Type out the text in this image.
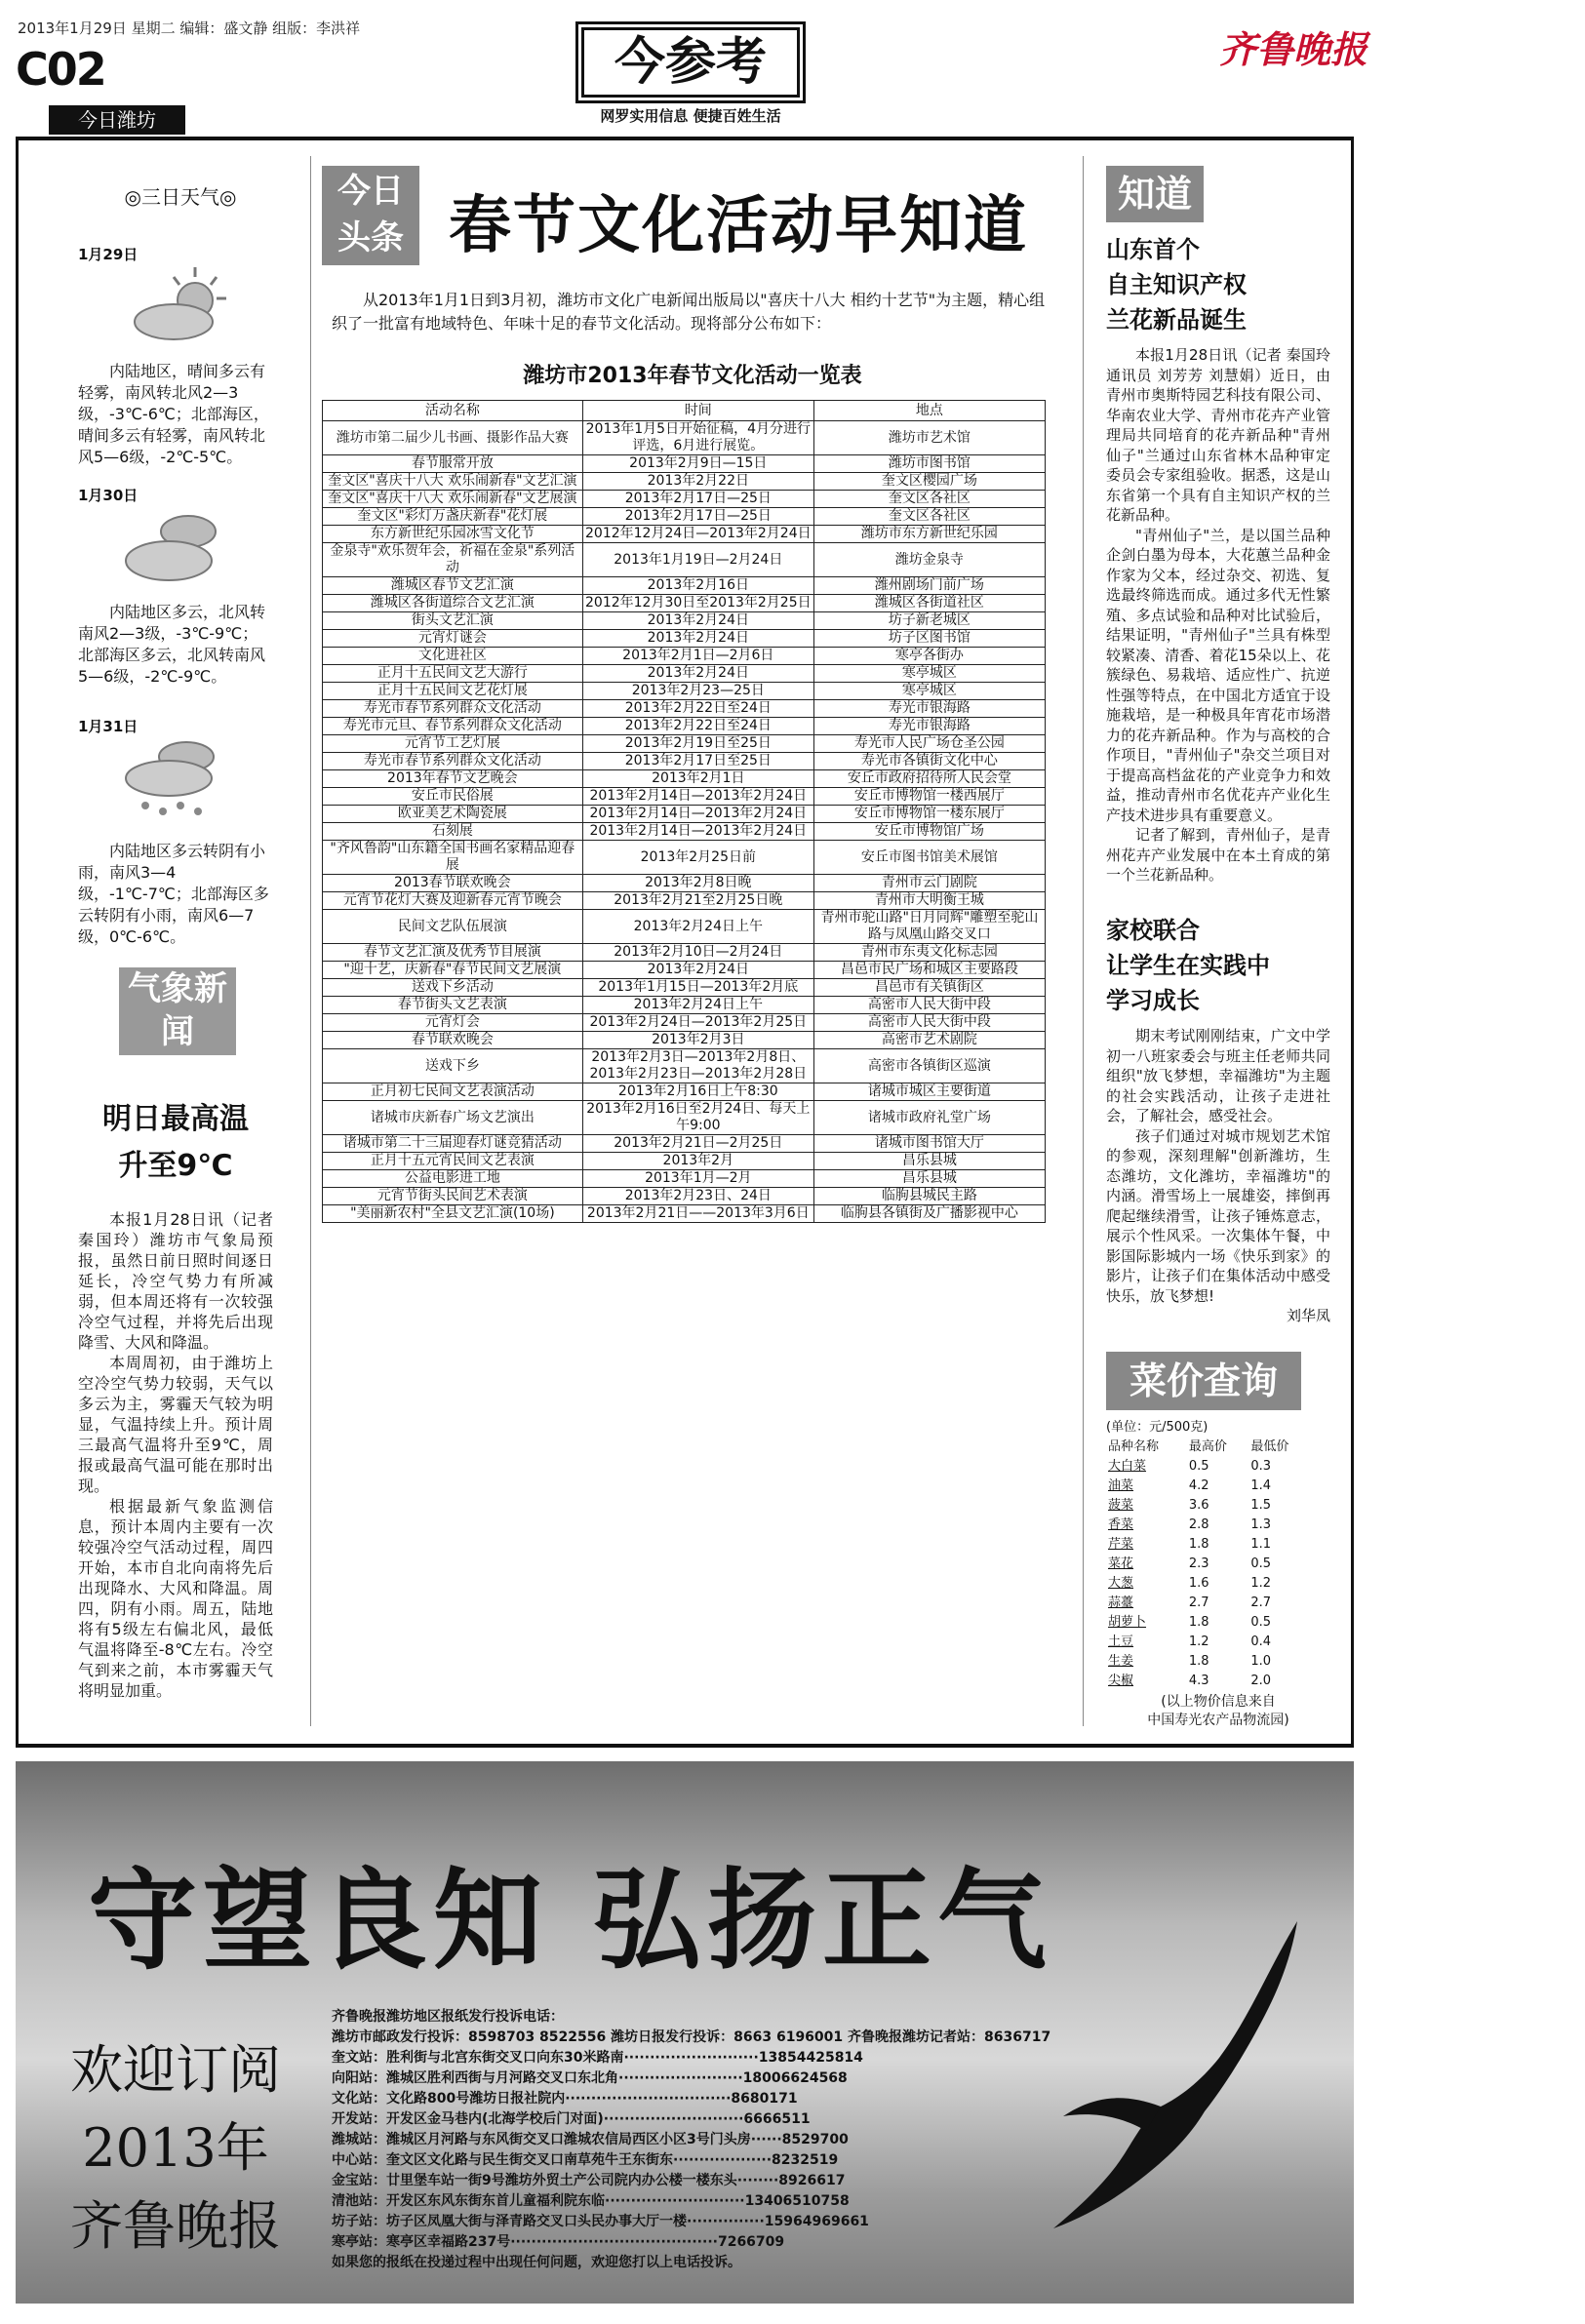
2013年1月29日 星期二 编辑：盛文静 组版：李洪祥
C02
今日潍坊
今参考
网罗实用信息 便捷百姓生活
齐鲁晚报
◎三日天气◎
1月29日
内陆地区，晴间多云有轻雾，南风转北风2—3级，-3℃-6℃；北部海区，晴间多云有轻雾，南风转北风5—6级，-2℃-5℃。
1月30日
内陆地区多云，北风转南风2—3级，-3℃-9℃；北部海区多云，北风转南风5—6级，-2℃-9℃。
1月31日
内陆地区多云转阴有小雨，南风3—4级，-1℃-7℃；北部海区多云转阴有小雨，南风6—7级，0℃-6℃。
气象新闻
明日最高温
升至9℃

本报1月28日讯（记者 秦国玲）潍坊市气象局预报，虽然日前日照时间逐日延长，冷空气势力有所减弱，但本周还将有一次较强冷空气过程，并将先后出现降雪、大风和降温。

本周周初，由于潍坊上空冷空气势力较弱，天气以多云为主，雾霾天气较为明显，气温持续上升。预计周三最高气温将升至9℃，周报或最高气温可能在那时出现。

根据最新气象监测信息，预计本周内主要有一次较强冷空气活动过程，周四开始，本市自北向南将先后出现降水、大风和降温。周四，阴有小雨。周五，陆地将有5级左右偏北风，最低气温将降至-8℃左右。冷空气到来之前，本市雾霾天气将明显加重。

今日头条 春节文化活动早知道
从2013年1月1日到3月初，潍坊市文化广电新闻出版局以"喜庆十八大 相约十艺节"为主题，精心组织了一批富有地域特色、年味十足的春节文化活动。现将部分公布如下：
潍坊市2013年春节文化活动一览表
活动名称	时间	地点
潍坊市第二届少儿书画、摄影作品大赛	2013年1月5日开始征稿，4月分进行评选，6月进行展览。	潍坊市艺术馆
春节服常开放	2013年2月9日—15日	潍坊市图书馆
奎文区"喜庆十八大 欢乐闹新春"文艺汇演	2013年2月22日	奎文区樱园广场
奎文区"喜庆十八大 欢乐闹新春"文艺展演	2013年2月17日—25日	奎文区各社区
奎文区"彩灯万盏庆新春"花灯展	2013年2月17日—25日	奎文区各社区
东方新世纪乐园冰雪文化节	2012年12月24日—2013年2月24日	潍坊市东方新世纪乐园
金泉寺"欢乐贺年会，祈福在金泉"系列活动	2013年1月19日—2月24日	潍坊金泉寺
潍城区春节文艺汇演	2013年2月16日	潍州剧场门前广场
潍城区各街道综合文艺汇演	2012年12月30日至2013年2月25日	潍城区各街道社区
街头文艺汇演	2013年2月24日	坊子新老城区
元宵灯谜会	2013年2月24日	坊子区图书馆
文化进社区	2013年2月1日—2月6日	寒亭各街办
正月十五民间文艺大游行	2013年2月24日	寒亭城区
正月十五民间文艺花灯展	2013年2月23—25日	寒亭城区
寿光市春节系列群众文化活动	2013年2月22日至24日	寿光市银海路
寿光市元旦、春节系列群众文化活动	2013年2月22日至24日	寿光市银海路
元宵节工艺灯展	2013年2月19日至25日	寿光市人民广场仓圣公园
寿光市春节系列群众文化活动	2013年2月17日至25日	寿光市各镇街文化中心
2013年春节文艺晚会	2013年2月1日	安丘市政府招待所人民会堂
安丘市民俗展	2013年2月14日—2013年2月24日	安丘市博物馆一楼西展厅
欧亚美艺术陶瓷展	2013年2月14日—2013年2月24日	安丘市博物馆一楼东展厅
石刻展	2013年2月14日—2013年2月24日	安丘市博物馆广场
"齐风鲁韵"山东籍全国书画名家精品迎春展	2013年2月25日前	安丘市图书馆美术展馆
2013春节联欢晚会	2013年2月8日晚	青州市云门剧院
元宵节花灯大赛及迎新春元宵节晚会	2013年2月21至2月25日晚	青州市大明衡王城
民间文艺队伍展演	2013年2月24日上午	青州市驼山路"日月同辉"雕塑至驼山路与凤凰山路交叉口
春节文艺汇演及优秀节目展演	2013年2月10日—2月24日	青州市东夷文化标志园
"迎十艺，庆新春"春节民间文艺展演	2013年2月24日	昌邑市民广场和城区主要路段
送戏下乡活动	2013年1月15日—2013年2月底	昌邑市有关镇街区
春节街头文艺表演	2013年2月24日上午	高密市人民大街中段
元宵灯会	2013年2月24日—2013年2月25日	高密市人民大街中段
春节联欢晚会	2013年2月3日	高密市艺术剧院
送戏下乡	2013年2月3日—2013年2月8日、2013年2月23日—2013年2月28日	高密市各镇街区巡演
正月初七民间文艺表演活动	2013年2月16日上午8:30	诸城市城区主要街道
诸城市庆新春广场文艺演出	2013年2月16日至2月24日、每天上午9:00	诸城市政府礼堂广场
诸城市第二十三届迎春灯谜竞猜活动	2013年2月21日—2月25日	诸城市图书馆大厅
正月十五元宵民间文艺表演	2013年2月	昌乐县城
公益电影进工地	2013年1月—2月	昌乐县城
元宵节街头民间艺术表演	2013年2月23日、24日	临朐县城民主路
"美丽新农村"全县文艺汇演(10场)	2013年2月21日——2013年3月6日	临朐县各镇街及广播影视中心
知道
山东首个
自主知识产权
兰花新品诞生

本报1月28日讯（记者 秦国玲 通讯员 刘芳芳 刘慧娟）近日，由青州市奥斯特园艺科技有限公司、华南农业大学、青州市花卉产业管理局共同培育的花卉新品种"青州仙子"兰通过山东省林木品种审定委员会专家组验收。据悉，这是山东省第一个具有自主知识产权的兰花新品种。

"青州仙子"兰，是以国兰品种企剑白墨为母本，大花蕙兰品种金作家为父本，经过杂交、初选、复选最终筛选而成。通过多代无性繁殖、多点试验和品种对比试验后，结果证明，"青州仙子"兰具有株型较紧凑、清香、着花15朵以上、花簇绿色、易栽培、适应性广、抗逆性强等特点，在中国北方适宜于设施栽培，是一种极具年宵花市场潜力的花卉新品种。作为与高校的合作项目，"青州仙子"杂交兰项目对于提高高档盆花的产业竞争力和效益，推动青州市名优花卉产业化生产技术进步具有重要意义。

记者了解到，青州仙子，是青州花卉产业发展中在本土育成的第一个兰花新品种。

家校联合
让学生在实践中
学习成长

期末考试刚刚结束，广文中学初一八班家委会与班主任老师共同组织"放飞梦想，幸福潍坊"为主题的社会实践活动，让孩子走进社会，了解社会，感受社会。

孩子们通过对城市规划艺术馆的参观，深刻理解"创新潍坊，生态潍坊，文化潍坊，幸福潍坊"的内涵。滑雪场上一展雄姿，摔倒再爬起继续滑雪，让孩子锤炼意志，展示个性风采。一次集体午餐，中影国际影城内一场《快乐到家》的影片，让孩子们在集体活动中感受快乐，放飞梦想!

刘华凤
菜价查询
(单位：元/500克)
品种名称	最高价	最低价
大白菜	0.5	0.3
油菜	4.2	1.4
菠菜	3.6	1.5
香菜	2.8	1.3
芹菜	1.8	1.1
菜花	2.3	0.5
大葱	1.6	1.2
蒜薹	2.7	2.7
胡萝卜	1.8	0.5
土豆	1.2	0.4
生姜	1.8	1.0
尖椒	4.3	2.0
(以上物价信息来自
中国寿光农产品物流园)
守望良知 弘扬正气
欢迎订阅
2013年
齐鲁晚报
齐鲁晚报潍坊地区报纸发行投诉电话：
潍坊市邮政发行投诉：8598703 8522556 潍坊日报发行投诉：8663 6196001 齐鲁晚报潍坊记者站：8636717
奎文站：胜利街与北宫东街交叉口向东30米路南··························13854425814
向阳站：潍城区胜利西街与月河路交叉口东北角························18006624568
文化站：文化路800号潍坊日报社院内································8680171
开发站：开发区金马巷内(北海学校后门对面)···························6666511
潍城站：潍城区月河路与东风街交叉口潍城农信局西区小区3号门头房······8529700
中心站：奎文区文化路与民生街交叉口南草苑牛王东街东···················8232519
金宝站：廿里堡车站一街9号潍坊外贸土产公司院内办公楼一楼东头········8926617
清池站：开发区东风东街东首儿童福利院东临···························13406510758
坊子站：坊子区凤凰大街与泽青路交叉口头民办事大厅一楼···············15964969661
寒亭站：寒亭区幸福路237号········································7266709
如果您的报纸在投递过程中出现任何问题，欢迎您打以上电话投诉。
